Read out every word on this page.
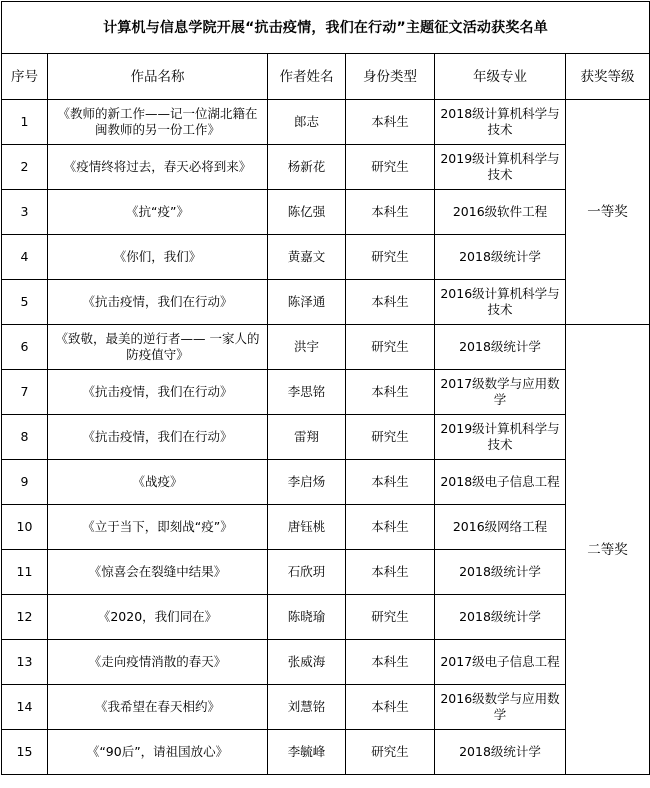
计算机与信息学院开展“抗击疫情，我们在行动”主题征文活动获奖名单					
序号	作品名称	作者姓名	身份类型	年级专业	获奖等级
1	《教师的新工作——记一位湖北籍在闽教师的另一份工作》	郎志	本科生	2018级计算机科学与技术	一等奖
2	《疫情终将过去，春天必将到来》	杨新花	研究生	2019级计算机科学与技术	
3	《抗“疫”》	陈亿强	本科生	2016级软件工程	
4	《你们，我们》	黄嘉文	研究生	2018级统计学	
5	《抗击疫情，我们在行动》	陈泽通	本科生	2016级计算机科学与技术	
6	《致敬，最美的逆行者—— 一家人的防疫值守》	洪宇	研究生	2018级统计学	二等奖
7	《抗击疫情，我们在行动》	李思铭	本科生	2017级数学与应用数学	
8	《抗击疫情，我们在行动》	雷翔	研究生	2019级计算机科学与技术	
9	《战疫》	李启炀	本科生	2018级电子信息工程	
10	《立于当下，即刻战“疫”》	唐钰桃	本科生	2016级网络工程	
11	《惊喜会在裂缝中结果》	石欣玥	本科生	2018级统计学	
12	《2020，我们同在》	陈晓瑜	研究生	2018级统计学	
13	《走向疫情消散的春天》	张威海	本科生	2017级电子信息工程	
14	《我希望在春天相约》	刘慧铭	本科生	2016级数学与应用数学	
15	《“90后”，请祖国放心》	李毓峰	研究生	2018级统计学	
